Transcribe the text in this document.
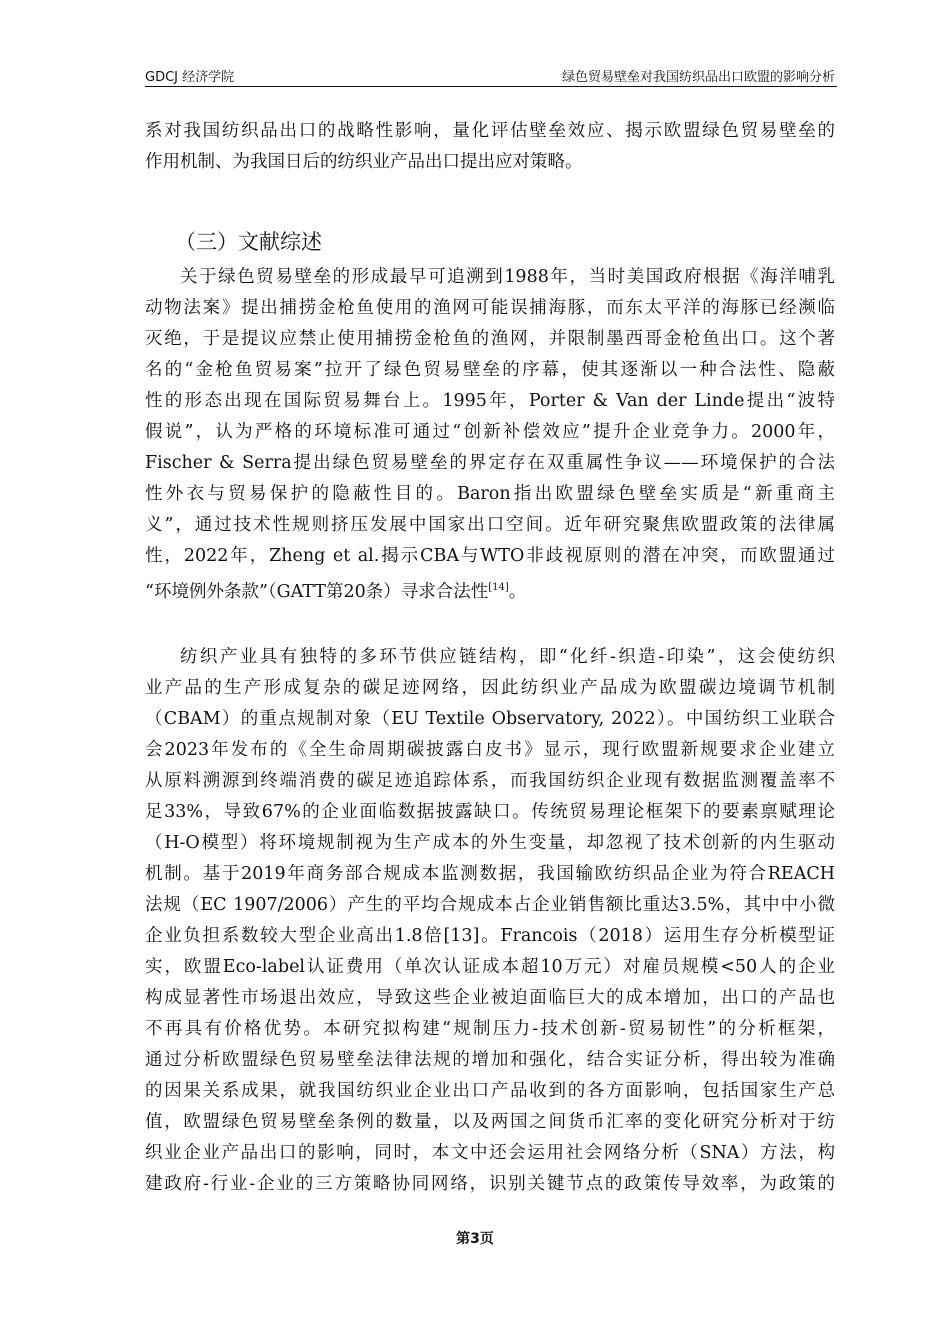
GDCJ 经济学院	绿色贸易壁垒对我国纺织品出口欧盟的影响分析
系对我国纺织品出口的战略性影响，量化评估壁垒效应、揭示欧盟绿色贸易壁垒的
作用机制、为我国日后的纺织业产品出口提出应对策略。
（三）文献综述
关于绿色贸易壁垒的形成最早可追溯到1988年，当时美国政府根据《海洋哺乳
动物法案》提出捕捞金枪鱼使用的渔网可能误捕海豚，而东太平洋的海豚已经濒临
灭绝，于是提议应禁止使用捕捞金枪鱼的渔网，并限制墨西哥金枪鱼出口。这个著
名的“金枪鱼贸易案”拉开了绿色贸易壁垒的序幕，使其逐渐以一种合法性、隐蔽
性的形态出现在国际贸易舞台上。1995年，Porter & Van der Linde提出“波特
假说”，认为严格的环境标准可通过“创新补偿效应”提升企业竞争力。2000年，
Fischer & Serra提出绿色贸易壁垒的界定存在双重属性争议——环境保护的合法
性外衣与贸易保护的隐蔽性目的。Baron指出欧盟绿色壁垒实质是“新重商主
义”，通过技术性规则挤压发展中国家出口空间。近年研究聚焦欧盟政策的法律属
性，2022年，Zheng et al.揭示CBA与WTO非歧视原则的潜在冲突，而欧盟通过
“环境例外条款”（GATT第20条）寻求合法性[14]。
纺织产业具有独特的多环节供应链结构，即“化纤-织造-印染”，这会使纺织
业产品的生产形成复杂的碳足迹网络，因此纺织业产品成为欧盟碳边境调节机制
（CBAM）的重点规制对象（EU Textile Observatory, 2022）。中国纺织工业联合
会2023年发布的《全生命周期碳披露白皮书》显示，现行欧盟新规要求企业建立
从原料溯源到终端消费的碳足迹追踪体系，而我国纺织企业现有数据监测覆盖率不
足33%，导致67%的企业面临数据披露缺口。传统贸易理论框架下的要素禀赋理论
（H-O模型）将环境规制视为生产成本的外生变量，却忽视了技术创新的内生驱动
机制。基于2019年商务部合规成本监测数据，我国输欧纺织品企业为符合REACH
法规（EC 1907/2006）产生的平均合规成本占企业销售额比重达3.5%，其中中小微
企业负担系数较大型企业高出1.8倍[13]。Francois（2018）运用生存分析模型证
实，欧盟Eco-label认证费用（单次认证成本超10万元）对雇员规模<50人的企业
构成显著性市场退出效应，导致这些企业被迫面临巨大的成本增加，出口的产品也
不再具有价格优势。本研究拟构建“规制压力-技术创新-贸易韧性”的分析框架，
通过分析欧盟绿色贸易壁垒法律法规的增加和强化，结合实证分析，得出较为准确
的因果关系成果，就我国纺织业企业出口产品收到的各方面影响，包括国家生产总
值，欧盟绿色贸易壁垒条例的数量，以及两国之间货币汇率的变化研究分析对于纺
织业企业产品出口的影响，同时，本文中还会运用社会网络分析（SNA）方法，构
建政府-行业-企业的三方策略协同网络，识别关键节点的政策传导效率，为政策的
第3页
